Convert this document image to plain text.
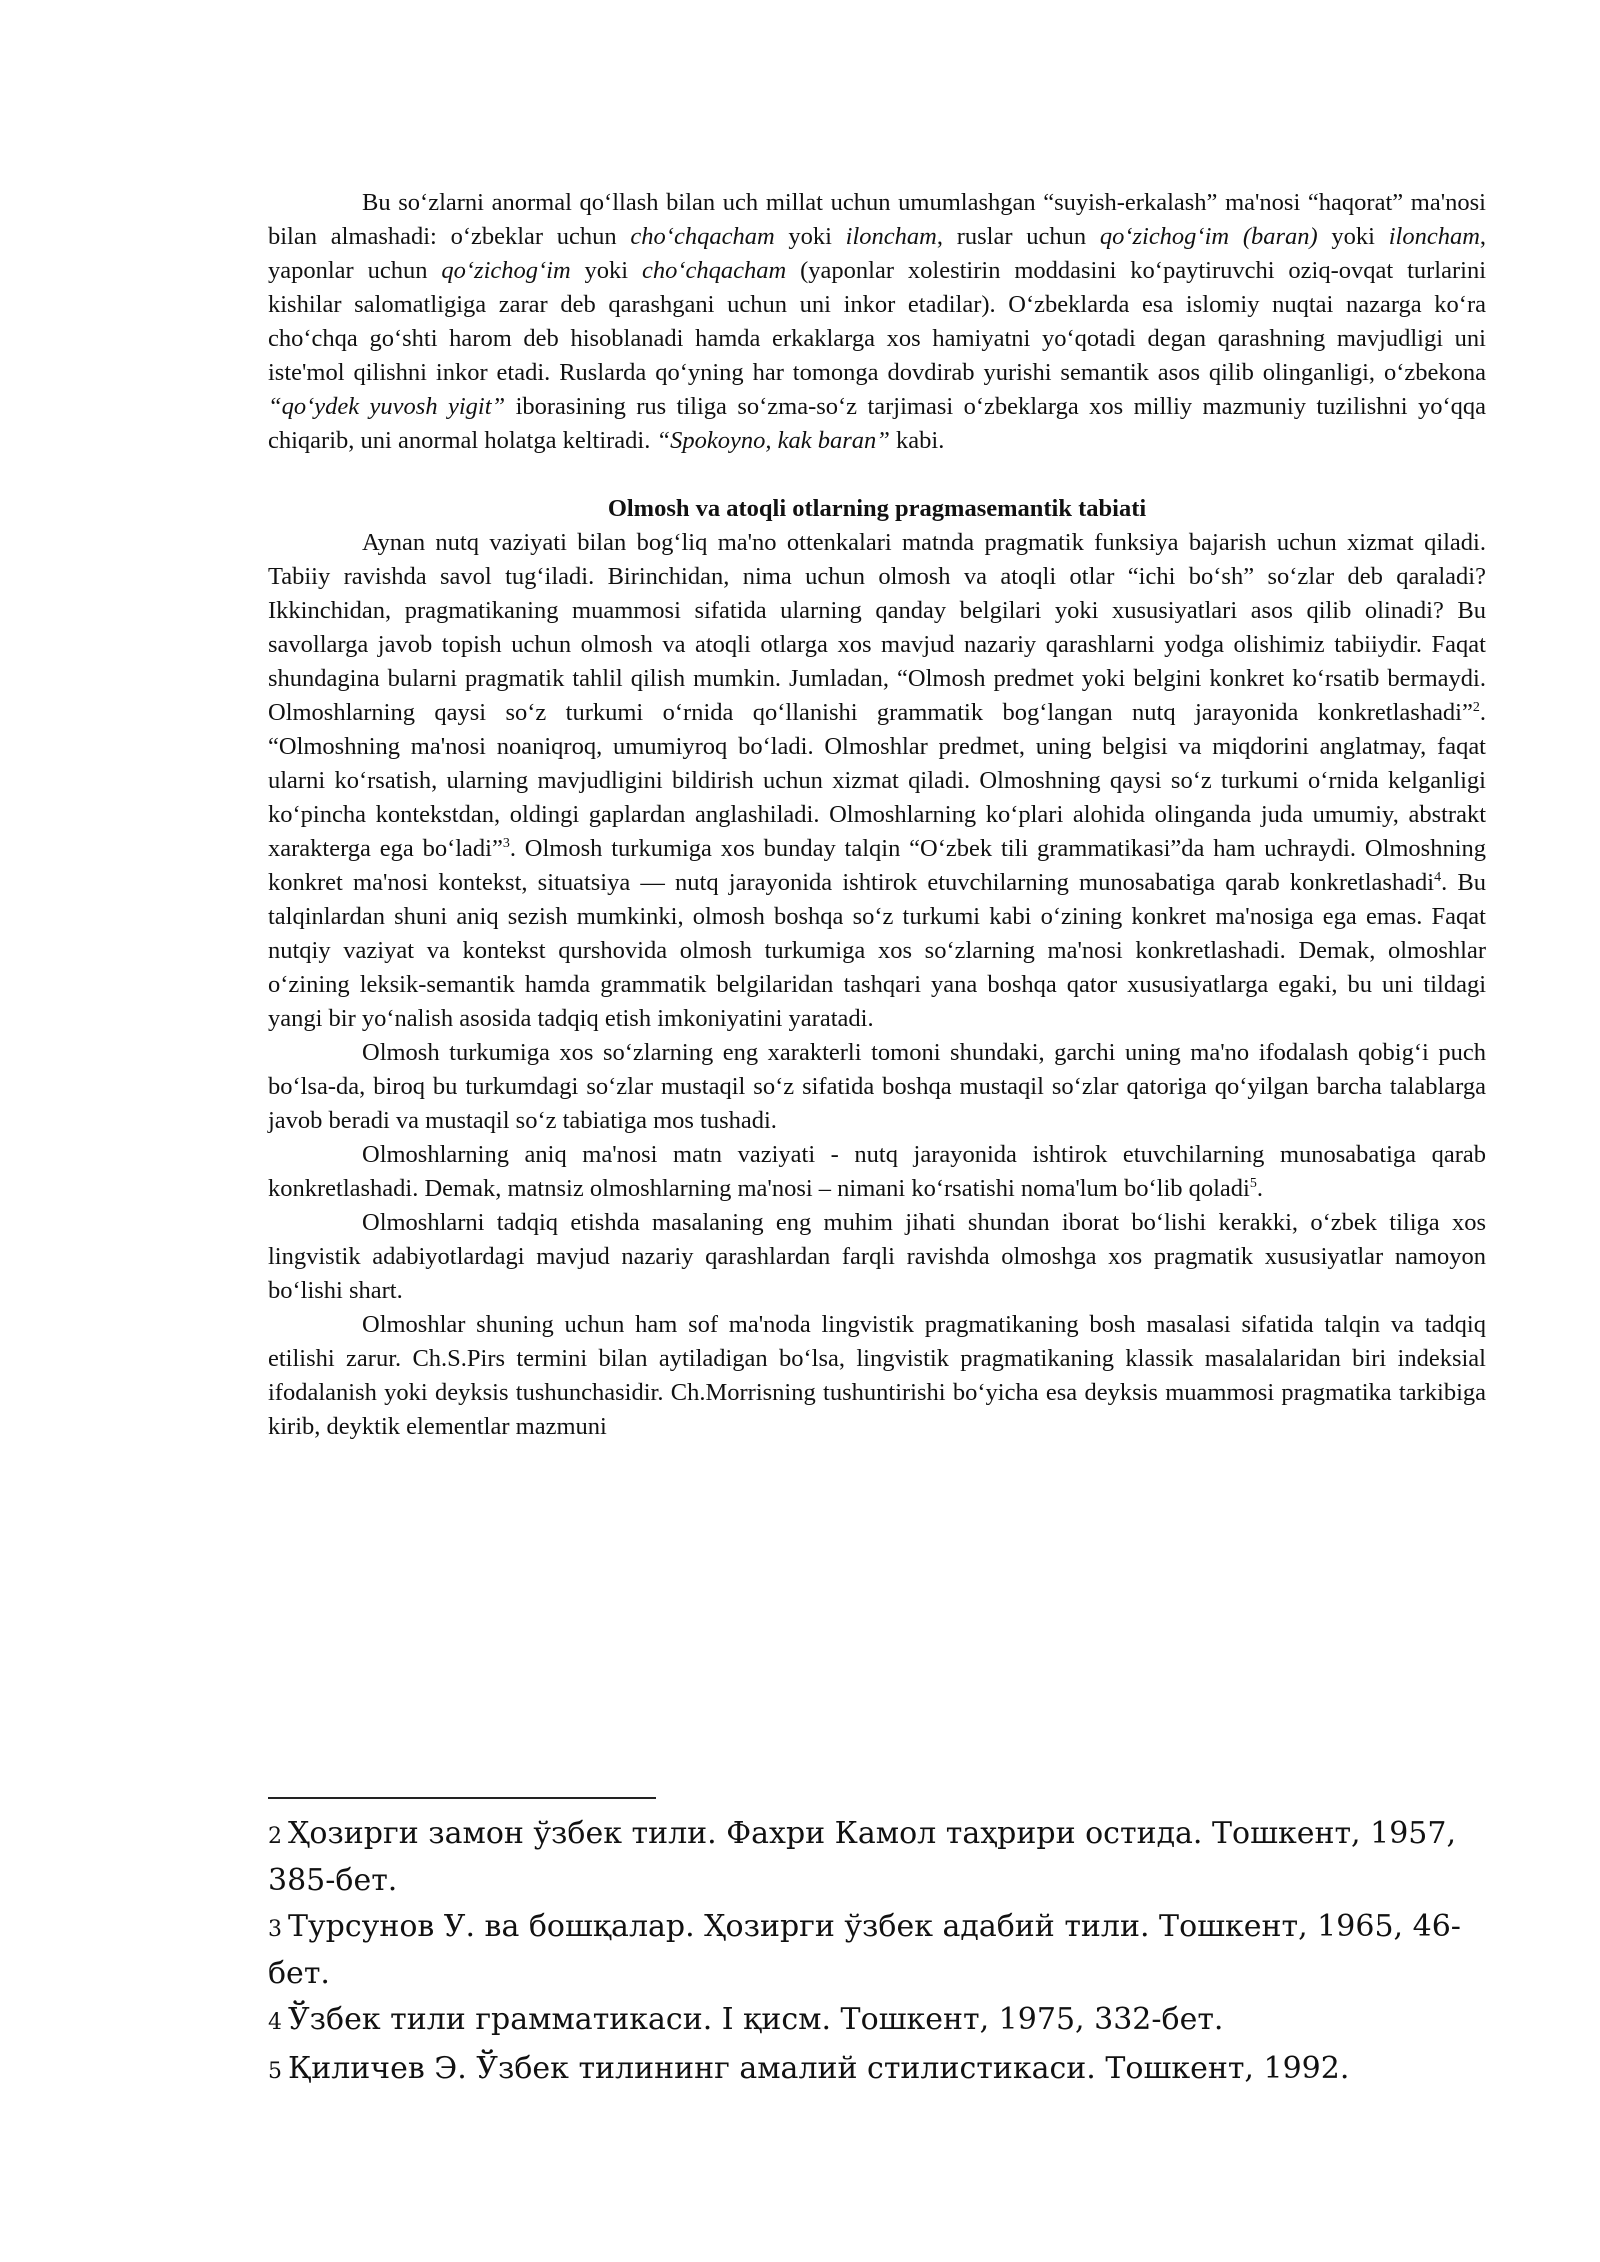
Bu so‘zlarni anormal qo‘llash bilan uch millat uchun umumlashgan “suyish-erkalash” ma'nosi “haqorat” ma'nosi bilan almashadi: o‘zbeklar uchun cho‘chqacham yoki iloncham, ruslar uchun qo‘zichog‘im (baran) yoki iloncham, yaponlar uchun qo‘zichog‘im yoki cho‘chqacham (yaponlar xolestirin moddasini ko‘paytiruvchi oziq-ovqat turlarini kishilar salomatligiga zarar deb qarashgani uchun uni inkor etadilar). O‘zbeklarda esa islomiy nuqtai nazarga ko‘ra cho‘chqa go‘shti harom deb hisoblanadi hamda erkaklarga xos hamiyatni yo‘qotadi degan qarashning mavjudligi uni iste'mol qilishni inkor etadi. Ruslarda qo‘yning har tomonga dovdirab yurishi semantik asos qilib olinganligi, o‘zbekona “qo‘ydek yuvosh yigit” iborasining rus tiliga so‘zma-so‘z tarjimasi o‘zbeklarga xos milliy mazmuniy tuzilishni yo‘qqa chiqarib, uni anormal holatga keltiradi. “Spokoyno, kak baran” kabi.

Olmosh va atoqli otlarning pragmasemantik tabiati

Aynan nutq vaziyati bilan bog‘liq ma'no ottenkalari matnda pragmatik funksiya bajarish uchun xizmat qiladi. Tabiiy ravishda savol tug‘iladi. Birinchidan, nima uchun olmosh va atoqli otlar “ichi bo‘sh” so‘zlar deb qaraladi? Ikkinchidan, pragmatikaning muammosi sifatida ularning qanday belgilari yoki xususiyatlari asos qilib olinadi? Bu savollarga javob topish uchun olmosh va atoqli otlarga xos mavjud nazariy qarashlarni yodga olishimiz tabiiydir. Faqat shundagina bularni pragmatik tahlil qilish mumkin. Jumladan, “Olmosh predmet yoki belgini konkret ko‘rsatib bermaydi. Olmoshlarning qaysi so‘z turkumi o‘rnida qo‘llanishi grammatik bog‘langan nutq jarayonida konkretlashadi”$^2$. “Olmoshning ma'nosi noaniqroq, umumiyroq bo‘ladi. Olmoshlar predmet, uning belgisi va miqdorini anglatmay, faqat ularni ko‘rsatish, ularning mavjudligini bildirish uchun xizmat qiladi. Olmoshning qaysi so‘z turkumi o‘rnida kelganligi ko‘pincha kontekstdan, oldingi gaplardan anglashiladi. Olmoshlarning ko‘plari alohida olinganda juda umumiy, abstrakt xarakterga ega bo‘ladi”$^3$. Olmosh turkumiga xos bunday talqin “O‘zbek tili grammatikasi”da ham uchraydi. Olmoshning konkret ma'nosi kontekst, situatsiya — nutq jarayonida ishtirok etuvchilarning munosabatiga qarab konkretlashadi$^4$. Bu talqinlardan shuni aniq sezish mumkinki, olmosh boshqa so‘z turkumi kabi o‘zining konkret ma'nosiga ega emas. Faqat nutqiy vaziyat va kontekst qurshovida olmosh turkumiga xos so‘zlarning ma'nosi konkretlashadi. Demak, olmoshlar o‘zining leksik-semantik hamda grammatik belgilaridan tashqari yana boshqa qator xususiyatlarga egaki, bu uni tildagi yangi bir yo‘nalish asosida tadqiq etish imkoniyatini yaratadi.

Olmosh turkumiga xos so‘zlarning eng xarakterli tomoni shundaki, garchi uning ma'no ifodalash qobig‘i puch bo‘lsa-da, biroq bu turkumdagi so‘zlar mustaqil so‘z sifatida boshqa mustaqil so‘zlar qatoriga qo‘yilgan barcha talablarga javob beradi va mustaqil so‘z tabiatiga mos tushadi.

Olmoshlarning aniq ma'nosi matn vaziyati - nutq jarayonida ishtirok etuvchilarning munosabatiga qarab konkretlashadi. Demak, matnsiz olmoshlarning ma'nosi – nimani ko‘rsatishi noma'lum bo‘lib qoladi$^5$.

Olmoshlarni tadqiq etishda masalaning eng muhim jihati shundan iborat bo‘lishi kerakki, o‘zbek tiliga xos lingvistik adabiyotlardagi mavjud nazariy qarashlardan farqli ravishda olmoshga xos pragmatik xususiyatlar namoyon bo‘lishi shart.

Olmoshlar shuning uchun ham sof ma'noda lingvistik pragmatikaning bosh masalasi sifatida talqin va tadqiq etilishi zarur. Ch.S.Pirs termini bilan aytiladigan bo‘lsa, lingvistik pragmatikaning klassik masalalaridan biri indeksial ifodalanish yoki deyksis tushunchasidir. Ch.Morrisning tushuntirishi bo‘yicha esa deyksis muammosi pragmatika tarkibiga kirib, deyktik elementlar mazmuni

2 Ҳозирги замон ўзбек тили. Фахри Камол таҳрири остида. Тошкент, 1957, 385-бет.
3 Турсунов У. ва бошқалар. Ҳозирги ўзбек адабий тили. Тошкент, 1965, 46-бет.
4 Ўзбек тили грамматикаси. I қисм. Тошкент, 1975, 332-бет.
5 Қиличев Э. Ўзбек тилининг амалий стилистикаси. Тошкент, 1992.
